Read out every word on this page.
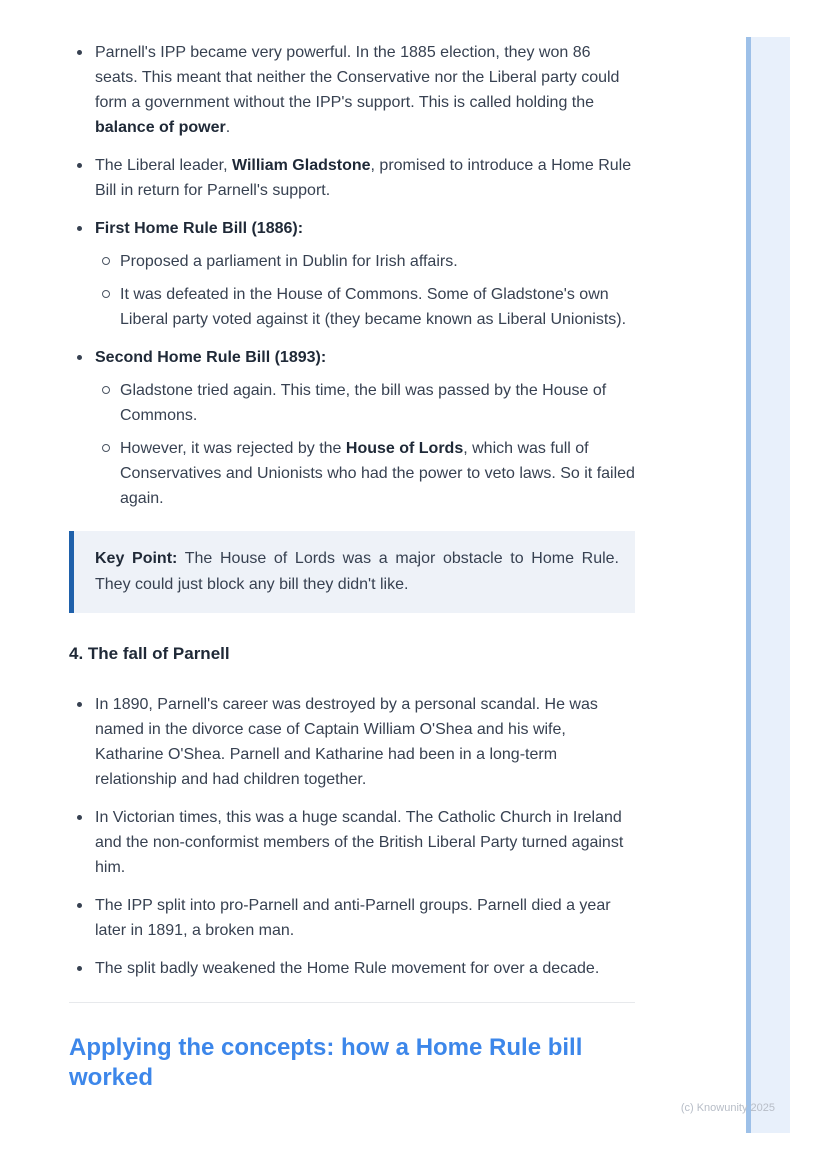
Parnell's IPP became very powerful. In the 1885 election, they won 86 seats. This meant that neither the Conservative nor the Liberal party could form a government without the IPP's support. This is called holding the balance of power.
The Liberal leader, William Gladstone, promised to introduce a Home Rule Bill in return for Parnell's support.
First Home Rule Bill (1886):
Proposed a parliament in Dublin for Irish affairs.
It was defeated in the House of Commons. Some of Gladstone's own Liberal party voted against it (they became known as Liberal Unionists).
Second Home Rule Bill (1893):
Gladstone tried again. This time, the bill was passed by the House of Commons.
However, it was rejected by the House of Lords, which was full of Conservatives and Unionists who had the power to veto laws. So it failed again.
Key Point: The House of Lords was a major obstacle to Home Rule. They could just block any bill they didn't like.
4. The fall of Parnell
In 1890, Parnell's career was destroyed by a personal scandal. He was named in the divorce case of Captain William O'Shea and his wife, Katharine O'Shea. Parnell and Katharine had been in a long-term relationship and had children together.
In Victorian times, this was a huge scandal. The Catholic Church in Ireland and the non-conformist members of the British Liberal Party turned against him.
The IPP split into pro-Parnell and anti-Parnell groups. Parnell died a year later in 1891, a broken man.
The split badly weakened the Home Rule movement for over a decade.
Applying the concepts: how a Home Rule bill worked
(c) Knowunity 2025
